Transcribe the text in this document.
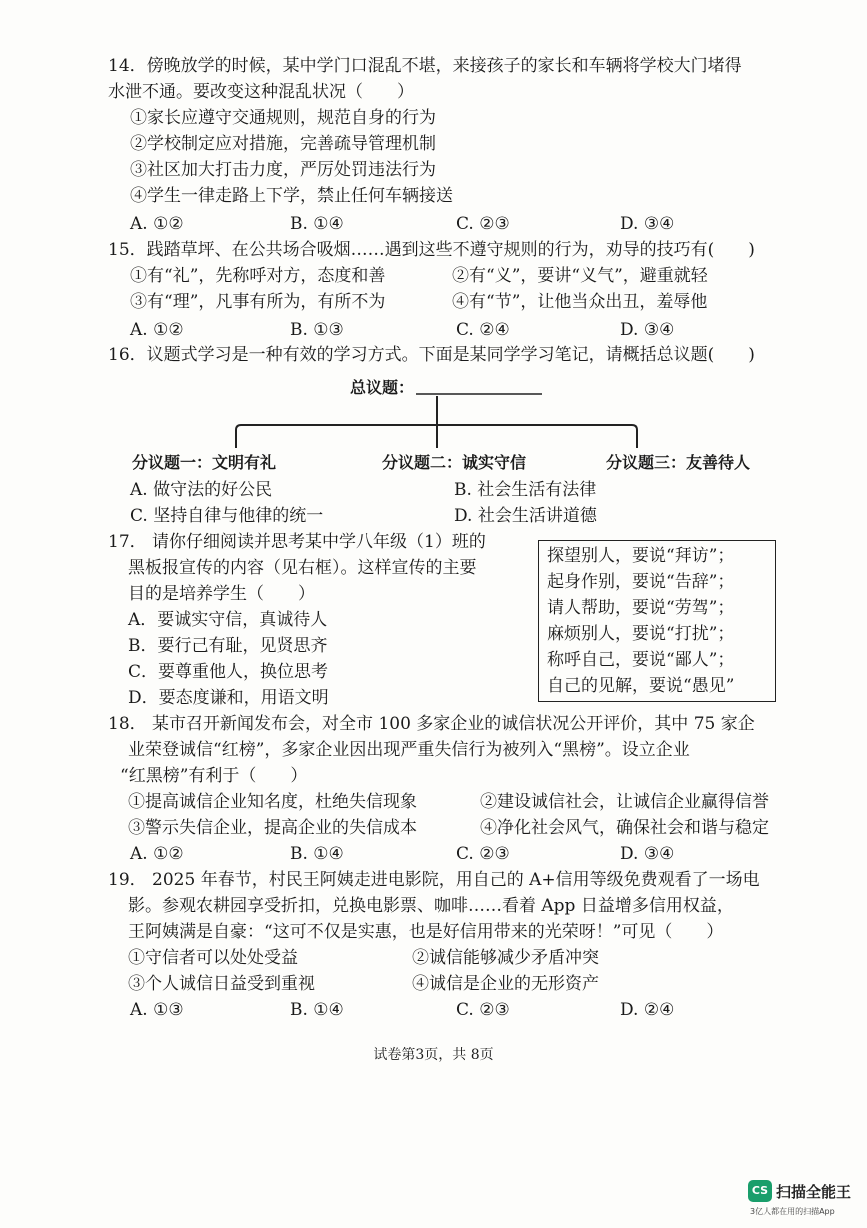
14．傍晚放学的时候，某中学门口混乱不堪，来接孩子的家长和车辆将学校大门堵得
水泄不通。要改变这种混乱状况（　　）
①家长应遵守交通规则，规范自身的行为
②学校制定应对措施，完善疏导管理机制
③社区加大打击力度，严厉处罚违法行为
④学生一律走路上下学，禁止任何车辆接送
A. ①②	B. ①④	C. ②③	D. ③④
15．践踏草坪、在公共场合吸烟……遇到这些不遵守规则的行为，劝导的技巧有(　　)
①有“礼”，先称呼对方，态度和善	②有“义”，要讲“义气”，避重就轻
③有“理”，凡事有所为，有所不为	④有“节”，让他当众出丑，羞辱他
A. ①②	B. ①③	C. ②④	D. ③④
16．议题式学习是一种有效的学习方式。下面是某同学学习笔记，请概括总议题(　　)
总议题：
分议题一：文明有礼	分议题二：诚实守信	分议题三：友善待人
A. 做守法的好公民	B. 社会生活有法律
C. 坚持自律与他律的统一	D. 社会生活讲道德
17． 请你仔细阅读并思考某中学八年级（1）班的
黑板报宣传的内容（见右框）。这样宣传的主要
目的是培养学生（　　）
A．要诚实守信，真诚待人
B．要行己有耻，见贤思齐
C．要尊重他人，换位思考
D．要态度谦和，用语文明
探望别人，要说“拜访”；
起身作别，要说“告辞”；
请人帮助，要说“劳驾”；
麻烦别人，要说“打扰”；
称呼自己，要说“鄙人”；
自己的见解，要说“愚见”
18． 某市召开新闻发布会，对全市 100 多家企业的诚信状况公开评价，其中 75 家企
业荣登诚信“红榜”，多家企业因出现严重失信行为被列入“黑榜”。设立企业
“红黑榜”有利于（　　）
①提高诚信企业知名度，杜绝失信现象	②建设诚信社会，让诚信企业赢得信誉
③警示失信企业，提高企业的失信成本	④净化社会风气，确保社会和谐与稳定
A. ①②	B. ①④	C. ②③	D. ③④
19． 2025 年春节，村民王阿姨走进电影院，用自己的 A+信用等级免费观看了一场电
影。参观农耕园享受折扣，兑换电影票、咖啡……看着 App 日益增多信用权益，
王阿姨满是自豪：“这可不仅是实惠，也是好信用带来的光荣呀！”可见（　　）
①守信者可以处处受益	②诚信能够减少矛盾冲突
③个人诚信日益受到重视	④诚信是企业的无形资产
A. ①③	B. ①④	C. ②③	D. ②④
试卷第3页，共 8页
CS 扫描全能王
3亿人都在用的扫描App
